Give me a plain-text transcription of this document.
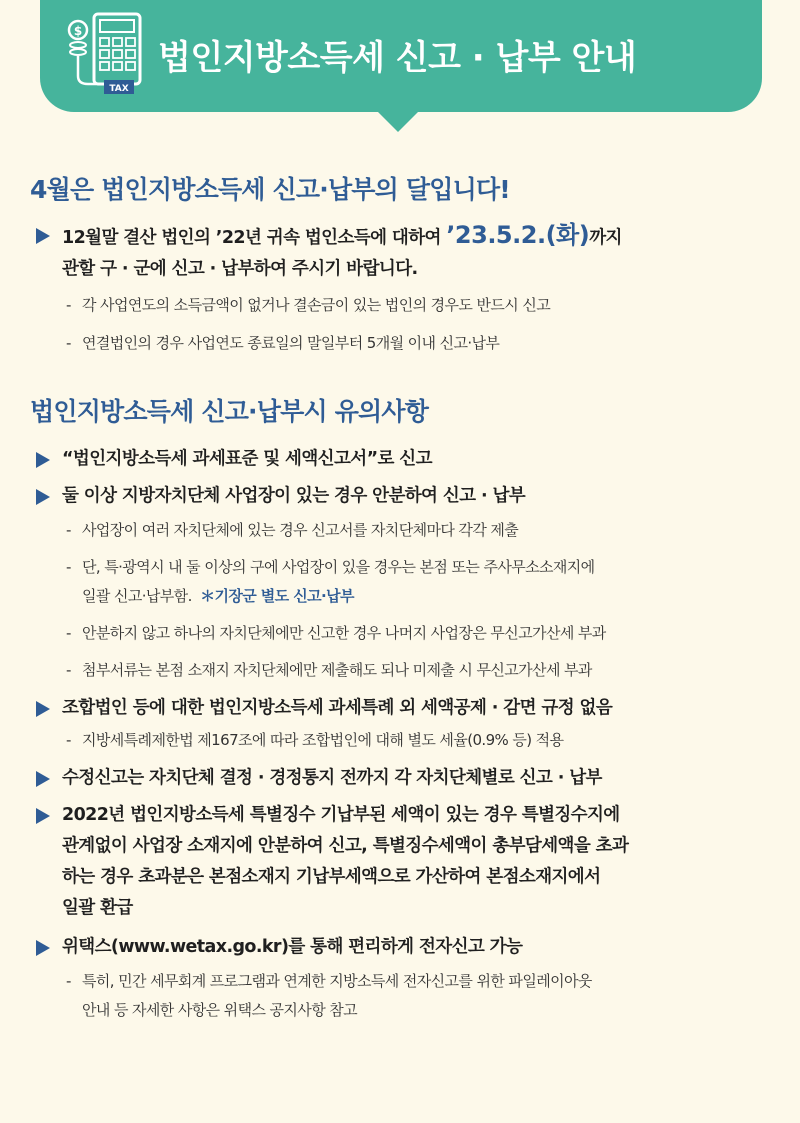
$
TAX
법인지방소득세 신고 · 납부 안내
4월은 법인지방소득세 신고·납부의 달입니다!
12월말 결산 법인의 ’22년 귀속 법인소득에 대하여 ’23.5.2.(화)까지
관할 구 · 군에 신고 · 납부하여 주시기 바랍니다.
- 각 사업연도의 소득금액이 없거나 결손금이 있는 법인의 경우도 반드시 신고
- 연결법인의 경우 사업연도 종료일의 말일부터 5개월 이내 신고·납부
법인지방소득세 신고·납부시 유의사항
“법인지방소득세 과세표준 및 세액신고서”로 신고
둘 이상 지방자치단체 사업장이 있는 경우 안분하여 신고 · 납부
- 사업장이 여러 자치단체에 있는 경우 신고서를 자치단체마다 각각 제출
- 단, 특·광역시 내 둘 이상의 구에 사업장이 있을 경우는 본점 또는 주사무소소재지에
일괄 신고·납부함. ＊기장군 별도 신고·납부
- 안분하지 않고 하나의 자치단체에만 신고한 경우 나머지 사업장은 무신고가산세 부과
- 첨부서류는 본점 소재지 자치단체에만 제출해도 되나 미제출 시 무신고가산세 부과
조합법인 등에 대한 법인지방소득세 과세특례 외 세액공제 · 감면 규정 없음
- 지방세특례제한법 제167조에 따라 조합법인에 대해 별도 세율(0.9% 등) 적용
수정신고는 자치단체 결정 · 경정통지 전까지 각 자치단체별로 신고 · 납부
2022년 법인지방소득세 특별징수 기납부된 세액이 있는 경우 특별징수지에
관계없이 사업장 소재지에 안분하여 신고, 특별징수세액이 총부담세액을 초과
하는 경우 초과분은 본점소재지 기납부세액으로 가산하여 본점소재지에서
일괄 환급
위택스(www.wetax.go.kr)를 통해 편리하게 전자신고 가능
- 특히, 민간 세무회계 프로그램과 연계한 지방소득세 전자신고를 위한 파일레이아웃
안내 등 자세한 사항은 위택스 공지사항 참고
